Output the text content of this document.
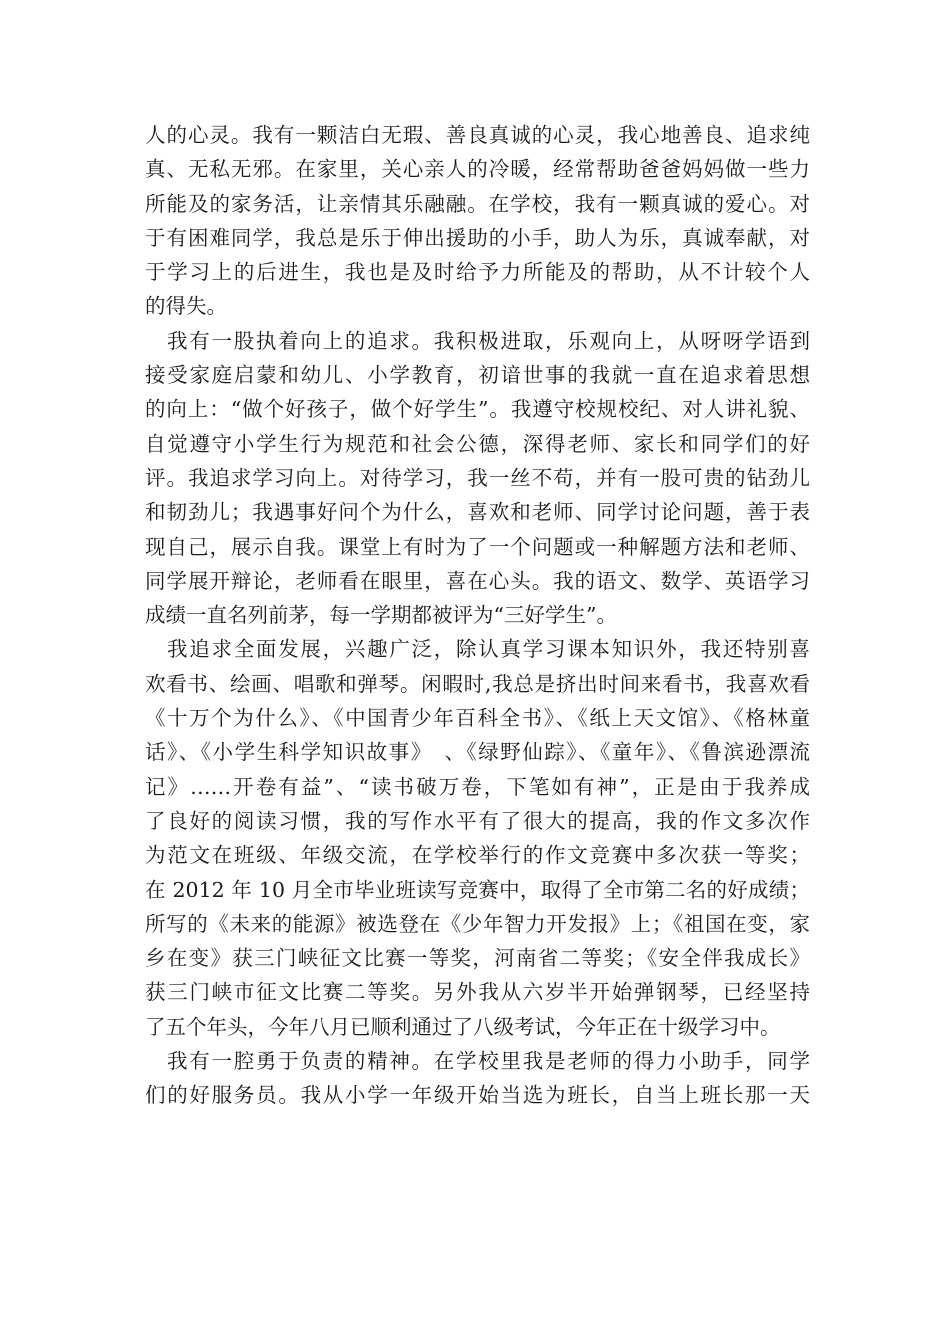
人的心灵。我有一颗洁白无瑕、善良真诚的心灵，我心地善良、追求纯
真、无私无邪。在家里，关心亲人的冷暖，经常帮助爸爸妈妈做一些力
所能及的家务活，让亲情其乐融融。在学校，我有一颗真诚的爱心。对
于有困难同学，我总是乐于伸出援助的小手，助人为乐，真诚奉献，对
于学习上的后进生，我也是及时给予力所能及的帮助，从不计较个人
的得失。
我有一股执着向上的追求。我积极进取，乐观向上，从呀呀学语到
接受家庭启蒙和幼儿、小学教育，初谙世事的我就一直在追求着思想
的向上：“做个好孩子，做个好学生”。我遵守校规校纪、对人讲礼貌、
自觉遵守小学生行为规范和社会公德，深得老师、家长和同学们的好
评。我追求学习向上。对待学习，我一丝不苟，并有一股可贵的钻劲儿
和韧劲儿；我遇事好问个为什么，喜欢和老师、同学讨论问题，善于表
现自己，展示自我。课堂上有时为了一个问题或一种解题方法和老师、
同学展开辩论，老师看在眼里，喜在心头。我的语文、数学、英语学习
成绩一直名列前茅，每一学期都被评为“三好学生”。
我追求全面发展，兴趣广泛，除认真学习课本知识外，我还特别喜
欢看书、绘画、唱歌和弹琴。闲暇时,我总是挤出时间来看书，我喜欢看
《十万个为什么》、《中国青少年百科全书》、《纸上天文馆》、《格林童
话》、《小学生科学知识故事》　、《绿野仙踪》、《童年》、《鲁滨逊漂流
记》……开卷有益”、“读书破万卷，下笔如有神”，正是由于我养成
了良好的阅读习惯，我的写作水平有了很大的提高，我的作文多次作
为范文在班级、年级交流，在学校举行的作文竞赛中多次获一等奖；
在 2012 年 10 月全市毕业班读写竞赛中，取得了全市第二名的好成绩；
所写的《未来的能源》被选登在《少年智力开发报》上；《祖国在变，家
乡在变》获三门峡征文比赛一等奖，河南省二等奖；《安全伴我成长》
获三门峡市征文比赛二等奖。另外我从六岁半开始弹钢琴，已经坚持
了五个年头，今年八月已顺利通过了八级考试，今年正在十级学习中。
我有一腔勇于负责的精神。在学校里我是老师的得力小助手，同学
们的好服务员。我从小学一年级开始当选为班长，自当上班长那一天
